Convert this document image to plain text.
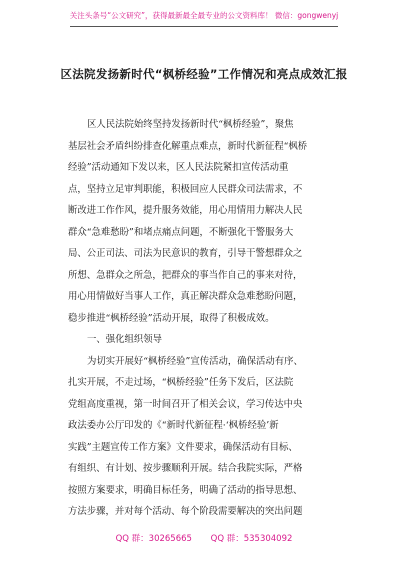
关注头条号“公文研究”，获得最新最全最专业的公文资料库！ 微信：gongwenyj
区法院发扬新时代“枫桥经验”工作情况和亮点成效汇报

区人民法院始终坚持发扬新时代“枫桥经验”，聚焦
基层社会矛盾纠纷排查化解重点难点，新时代新征程“枫桥
经验”活动通知下发以来，区人民法院紧扣宣传活动重
点，坚持立足审判职能，积极回应人民群众司法需求，不
断改进工作作风，提升服务效能，用心用情用力解决人民
群众“急难愁盼”和堵点痛点问题，不断强化干警服务大
局、公正司法、司法为民意识的教育，引导干警想群众之
所想、急群众之所急，把群众的事当作自己的事来对待，
用心用情做好当事人工作，真正解决群众急难愁盼问题，
稳步推进“枫桥经验”活动开展，取得了积极成效。

一、强化组织领导

为切实开展好“枫桥经验”宣传活动，确保活动有序、
扎实开展，不走过场，“枫桥经验”任务下发后，区法院
党组高度重视，第一时间召开了相关会议，学习传达中央
政法委办公厅印发的《“新时代新征程·‘枫桥经验’新
实践”主题宣传工作方案》文件要求，确保活动有目标、
有组织、有计划、按步骤顺利开展。结合我院实际，严格
按照方案要求，明确目标任务，明确了活动的指导思想、
方法步骤，并对每个活动、每个阶段需要解决的突出问题

QQ 群：30265665 QQ 群：535304092
